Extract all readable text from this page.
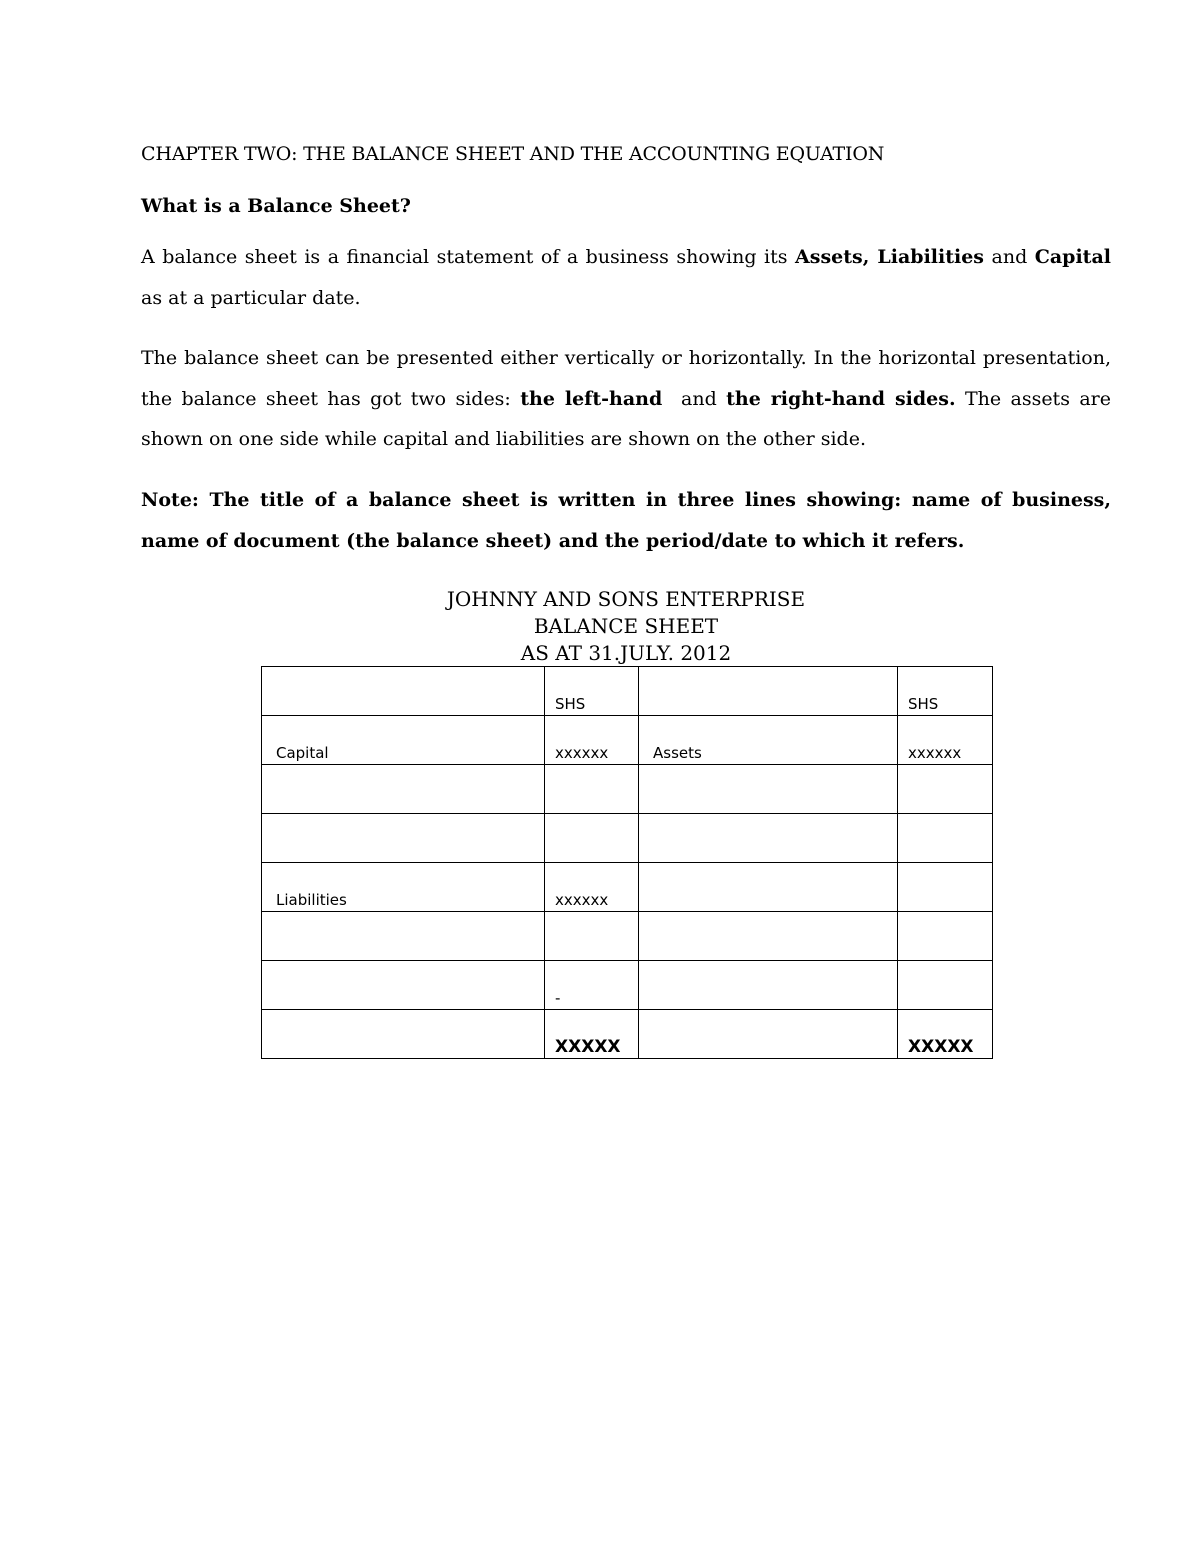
CHAPTER TWO: THE BALANCE SHEET AND THE ACCOUNTING EQUATION
What is a Balance Sheet?
A balance sheet is a financial statement of a business showing its Assets, Liabilities and Capital as at a particular date.
The balance sheet can be presented either vertically or horizontally. In the horizontal presentation, the balance sheet has got two sides: the left-hand  and the right-hand sides. The assets are shown on one side while capital and liabilities are shown on the other side.
Note: The title of a balance sheet is written in three lines showing: name of business, name of document (the balance sheet) and the period/date to which it refers.
JOHNNY AND SONS ENTERPRISE
BALANCE SHEET
AS AT 31.JULY. 2012
	SHS		SHS
Capital	xxxxxx	Assets	xxxxxx

Liabilities	xxxxxx		

	-		
	XXXXX		XXXXX
